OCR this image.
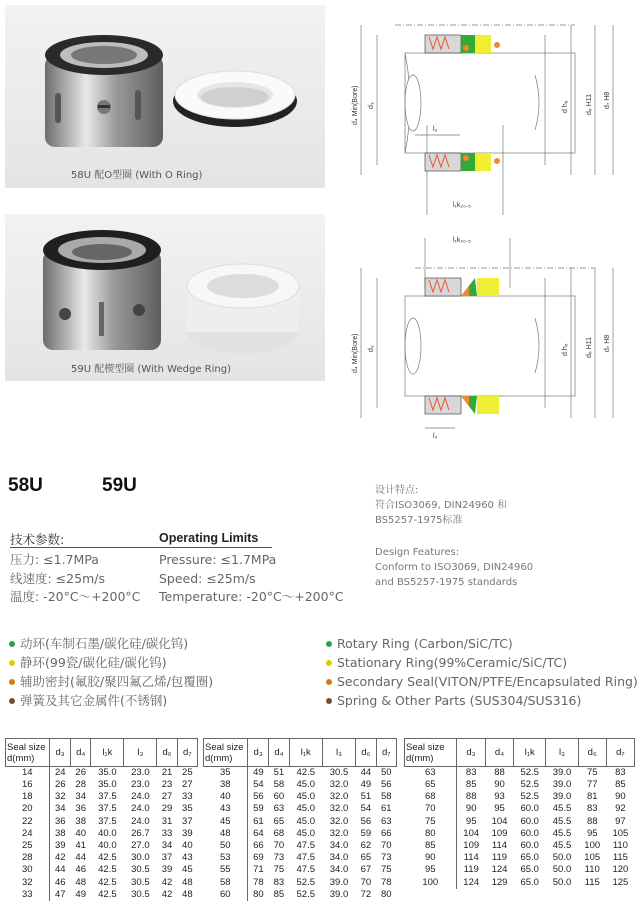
58U 配O型圈 (With O Ring)
59U 配楔型圈 (With Wedge Ring)
d₄ Min(Bore) d₃	d h₆ d₆ H11 d₇ H8
l₃
l₁k₂₀.₅
l₁k₂₀.₅
d₄ Min(Bore) d₃	d h₆ d₆ H11 d₇ H8
l₃
58U	59U	设计特点:
符合ISO3069, DIN24960 和
BS5257-1975标准
Design Features:
Conform to ISO3069, DIN24960
and BS5257-1975 standards
技术参数:	Operating Limits
压力: ≤1.7MPa
线速度: ≤25m/s
温度: -20°C～+200°C
Pressure: ≤1.7MPa
Speed: ≤25m/s
Temperature: -20°C～+200°C
动环(车制石墨/碳化硅/碳化钨)
静环(99瓷/碳化硅/碳化钨)
辅助密封(氟胶/聚四氟乙烯/包覆圈)
弹簧及其它金属件(不锈钢)
Rotary Ring (Carbon/SiC/TC)
Stationary Ring(99%Ceramic/SiC/TC)
Secondary Seal(VITON/PTFE/Encapsulated Ring)
Spring & Other Parts (SUS304/SUS316)
Seal size
d(mm)	d₃	d₄	l₁k	l₃	d₆	d₇
14	24	26	35.0	23.0	21	25
16	26	28	35.0	23.0	23	27
18	32	34	37.5	24.0	27	33
20	34	36	37.5	24.0	29	35
22	36	38	37.5	24.0	31	37
24	38	40	40.0	26.7	33	39
25	39	41	40.0	27.0	34	40
28	42	44	42.5	30.0	37	43
30	44	46	42.5	30.5	39	45
32	46	48	42.5	30.5	42	48
33	47	49	42.5	30.5	42	48
Seal size
d(mm)	d₃	d₄	l₁k	l₃	d₆	d₇
35	49	51	42.5	30.5	44	50
38	54	58	45.0	32.0	49	56
40	56	60	45.0	32.0	51	58
43	59	63	45.0	32.0	54	61
45	61	65	45.0	32.0	56	63
48	64	68	45.0	32.0	59	66
50	66	70	47.5	34.0	62	70
53	69	73	47.5	34.0	65	73
55	71	75	47.5	34.0	67	75
58	78	83	52.5	39.0	70	78
60	80	85	52.5	39.0	72	80
Seal size
d(mm)	d₃	d₄	l₁k	l₃	d₆	d₇
63	83	88	52.5	39.0	75	83
65	85	90	52.5	39.0	77	85
68	88	93	52.5	39.0	81	90
70	90	95	60.0	45.5	83	92
75	95	104	60.0	45.5	88	97
80	104	109	60.0	45.5	95	105
85	109	114	60.0	45.5	100	110
90	114	119	65.0	50.0	105	115
95	119	124	65.0	50.0	110	120
100	124	129	65.0	50.0	115	125
